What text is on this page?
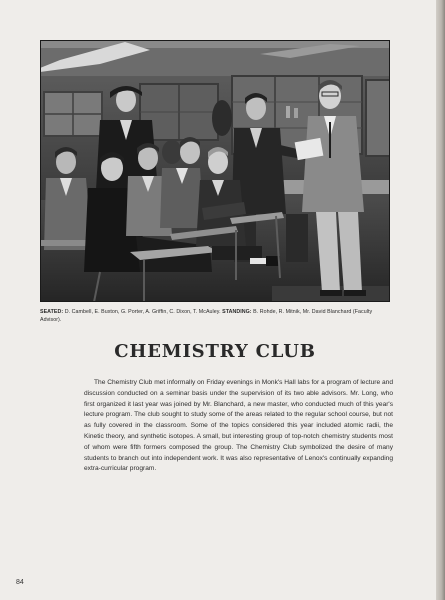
SEATED: D. Cambell, E. Buxton, G. Porter, A. Griffin, C. Dixon, T. McAuley. STANDING: B. Rohde, R. Mitnik, Mr. David Blanchard (Faculty Advisor).

CHEMISTRY CLUB

The Chemistry Club met informally on Friday evenings in Monk's Hall labs for a program of lecture and discussion conducted on a seminar basis under the supervision of its two able advisors. Mr. Long, who first organized it last year was joined by Mr. Blanchard, a new master, who conducted much of this year's lecture program. The club sought to study some of the areas related to the regular school course, but not as fully covered in the classroom. Some of the topics considered this year included atomic radii, the Kinetic theory, and synthetic isotopes. A small, but interesting group of top-notch chemistry students most of whom were fifth formers composed the group. The Chemistry Club symbolized the desire of many students to branch out into independent work. It was also representative of Lenox's continually expanding extra-curricular program.

84
